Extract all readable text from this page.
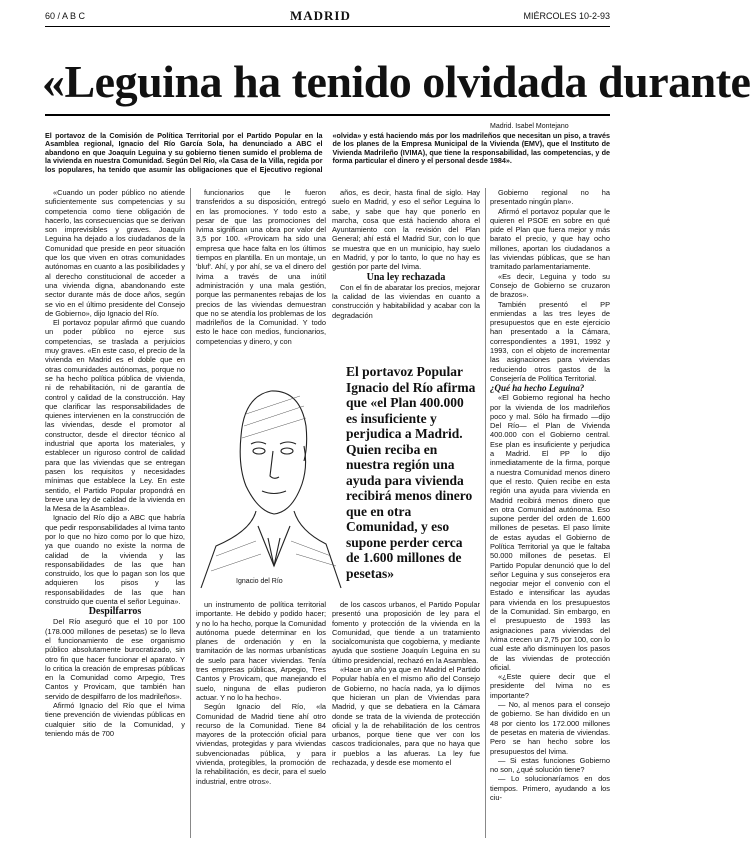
60 / A B C	MADRID	MIÉRCOLES 10-2-93
«Leguina ha tenido olvidada durante
Madrid. Isabel Montejano
El portavoz de la Comisión de Política Territorial por el Partido Popular en la Asamblea regional, Ignacio del Río García Sola, ha denunciado a ABC el abandono en que Joaquín Leguina y su gobierno tienen sumido el problema de la vivienda en nuestra Comunidad. Según Del Río, «la Casa de la Villa, regida por los populares, ha tenido que asumir las obligaciones que el Ejecutivo regional «olvida» y está haciendo más por los madrileños que necesitan un piso, a través de los planes de la Empresa Municipal de la Vivienda (EMV), que el Instituto de Vivienda Madrileño (IVIMA), que tiene la responsabilidad, las competencias, y de forma particular el dinero y el personal desde 1984».

«Cuando un poder público no atiende suficientemente sus competencias y su competencia como tiene obligación de hacerlo, las consecuencias que se derivan son imprevisibles y graves. Joaquín Leguina ha dejado a los ciudadanos de la Comunidad que preside en peor situación que los que viven en otras comunidades autónomas en cuanto a las posibilidades y al derecho constitucional de acceder a una vivienda digna, abandonando este sector durante más de doce años, según se vio en el último presidente del Consejo de Gobierno», dijo Ignacio del Río.

El portavoz popular afirmó que cuando un poder público no ejerce sus competencias, se traslada a perjuicios muy graves. «En este caso, el precio de la vivienda en Madrid es el doble que en otras comunidades autónomas, porque no se ha hecho política pública de vivienda, ni de rehabilitación, ni de garantía de control y calidad de la construcción. Hay que clarificar las responsabilidades de quienes intervienen en la construcción de las viviendas, desde el promotor al constructor, desde el director técnico al industrial que aporta los materiales, y establecer un riguroso control de calidad para que las viviendas que se entregan pasen los requisitos y necesidades mínimas que establece la Ley. En este sentido, el Partido Popular propondrá en breve una ley de calidad de la vivienda en la Mesa de la Asamblea».

Ignacio del Río dijo a ABC que habría que pedir responsabilidades al Ivima tanto por lo que no hizo como por lo que hizo, ya que cuando no existe la norma de calidad de la vivienda y las responsabilidades de las que han construido, los que lo pagan son los que adquieren los pisos y las responsabilidades de las que han construido que cuenta el señor Leguina».

Despilfarros

Del Río aseguró que el 10 por 100 (178.000 millones de pesetas) se lo lleva el funcionamiento de ese organismo público absolutamente burocratizado, sin otro fin que hacer funcionar el aparato. Y lo critica la creación de empresas públicas en la Comunidad como Arpegio, Tres Cantos y Provicam, que también han servido de despilfarro de los madrileños».

Afirmó Ignacio del Río que el Ivima tiene prevención de viviendas públicas en cualquier sitio de la Comunidad, y teniendo más de 700

funcionarios que le fueron transferidos a su disposición, entregó en las promociones. Y todo esto a pesar de que las promociones del Ivima significan una obra por valor del 3,5 por 100. «Provicam ha sido una empresa que hace falta en los últimos tiempos en plantilla. En un montaje, un 'bluf'. Ahí, y por ahí, se va el dinero del Ivima a través de una inútil administración y una mala gestión, porque las permanentes rebajas de los precios de las viviendas demuestran que no se atendía los problemas de los madrileños de la Comunidad. Y todo esto le hace con medios, funcionarios, competencias y dinero, y con

un instrumento de política territorial importante. He debido y podido hacer; y no lo ha hecho, porque la Comunidad autónoma puede determinar en los planes de ordenación y en la tramitación de las normas urbanísticas de suelo para hacer viviendas. Tenía tres empresas públicas, Arpegio, Tres Cantos y Provicam, que manejando el suelo, ninguna de ellas pudieron actuar. Y no lo ha hecho».

Según Ignacio del Río, «la Comunidad de Madrid tiene ahí otro recurso de la Comunidad. Tiene 84 mayores de la protección oficial para viviendas, protegidas y para viviendas subvencionadas pública, y para vivienda, protegibles, la promoción de la rehabilitación, es decir, para el suelo industrial, entre otros».

años, es decir, hasta final de siglo. Hay suelo en Madrid, y eso el señor Leguina lo sabe, y sabe que hay que ponerlo en marcha, cosa que está haciendo ahora el Ayuntamiento con la revisión del Plan General; ahí está el Madrid Sur, con lo que se muestra que en un municipio, hay suelo en Madrid, y por lo tanto, lo que no hay es gestión por parte del Ivima.

Una ley rechazada

Con el fin de abaratar los precios, mejorar la calidad de las viviendas en cuanto a construcción y habitabilidad y acabar con la degradación

de los cascos urbanos, el Partido Popular presentó una proposición de ley para el fomento y protección de la vivienda en la Comunidad, que tiende a un tratamiento socialcomunista que cogobierna, y mediante ayuda que sostiene Joaquín Leguina en su último presidencial, rechazó en la Asamblea.

«Hace un año ya que en Madrid el Partido Popular había en el mismo año del Consejo de Gobierno, no hacía nada, ya lo dijimos que hicieran un plan de Viviendas para Madrid, y que se debatiera en la Cámara donde se trata de la vivienda de protección oficial y la de rehabilitación de los centros urbanos, porque tiene que ver con los cascos tradicionales, para que no haya que ir pueblos a las afueras. La ley fue rechazada, y desde ese momento el

Gobierno regional no ha presentado ningún plan».

Afirmó el portavoz popular que le quieren el PSOE en sobre en qué pide el Plan que fuera mejor y más barato el precio, y que hay ocho millones, aportan los ciudadanos a las viviendas públicas, que se han tramitado parlamentariamente.

«Es decir, Leguina y todo su Consejo de Gobierno se cruzaron de brazos».

También presentó el PP enmiendas a las tres leyes de presupuestos que en este ejercicio han presentado a la Cámara, correspondientes a 1991, 1992 y 1993, con el objeto de incrementar las asignaciones para viviendas reduciendo otros gastos de la Consejería de Política Territorial.

¿Qué ha hecho Leguina?

«El Gobierno regional ha hecho por la vivienda de los madrileños poco y mal. Sólo ha firmado —dijo Del Río— el Plan de Vivienda 400.000 con el Gobierno central. Ese plan es insuficiente y perjudica a Madrid. El PP lo dijo inmediatamente de la firma, porque a nuestra Comunidad menos dinero que el resto. Quien recibe en esta región una ayuda para vivienda en Madrid recibirá menos dinero que en otra Comunidad autónoma. Eso supone perder del orden de 1.600 millones de pesetas. El paso límite de estas ayudas el Gobierno de Política Territorial ya que le faltaba 50.000 millones de pesetas. El Partido Popular denunció que lo del señor Leguina y sus consejeros era negociar mejor el convenio con el Estado e intensificar las ayudas para vivienda en los presupuestos de la Comunidad. Sin embargo, en el presupuesto de 1993 las asignaciones para viviendas del Ivima crecen un 2,75 por 100, con lo cual este año disminuyen los pasos de las viviendas de protección oficial.

«¿Este quiere decir que el presidente del Ivima no es importante?

— No, al menos para el consejo de gobierno. Se han dividido en un 48 por ciento los 172.000 millones de pesetas en materia de viviendas. Pero se han hecho sobre los presupuestos del Ivima.

— Si estas funciones Gobierno no son, ¿qué solución tiene?

— Lo solucionaríamos en dos tiempos. Primero, ayudando a los ciu-

Ignacio del Río
El portavoz Popular Ignacio del Río afirma que «el Plan 400.000 es insuficiente y perjudica a Madrid. Quien reciba en nuestra región una ayuda para vivienda recibirá menos dinero que en otra Comunidad, y eso supone perder cerca de 1.600 millones de pesetas»
